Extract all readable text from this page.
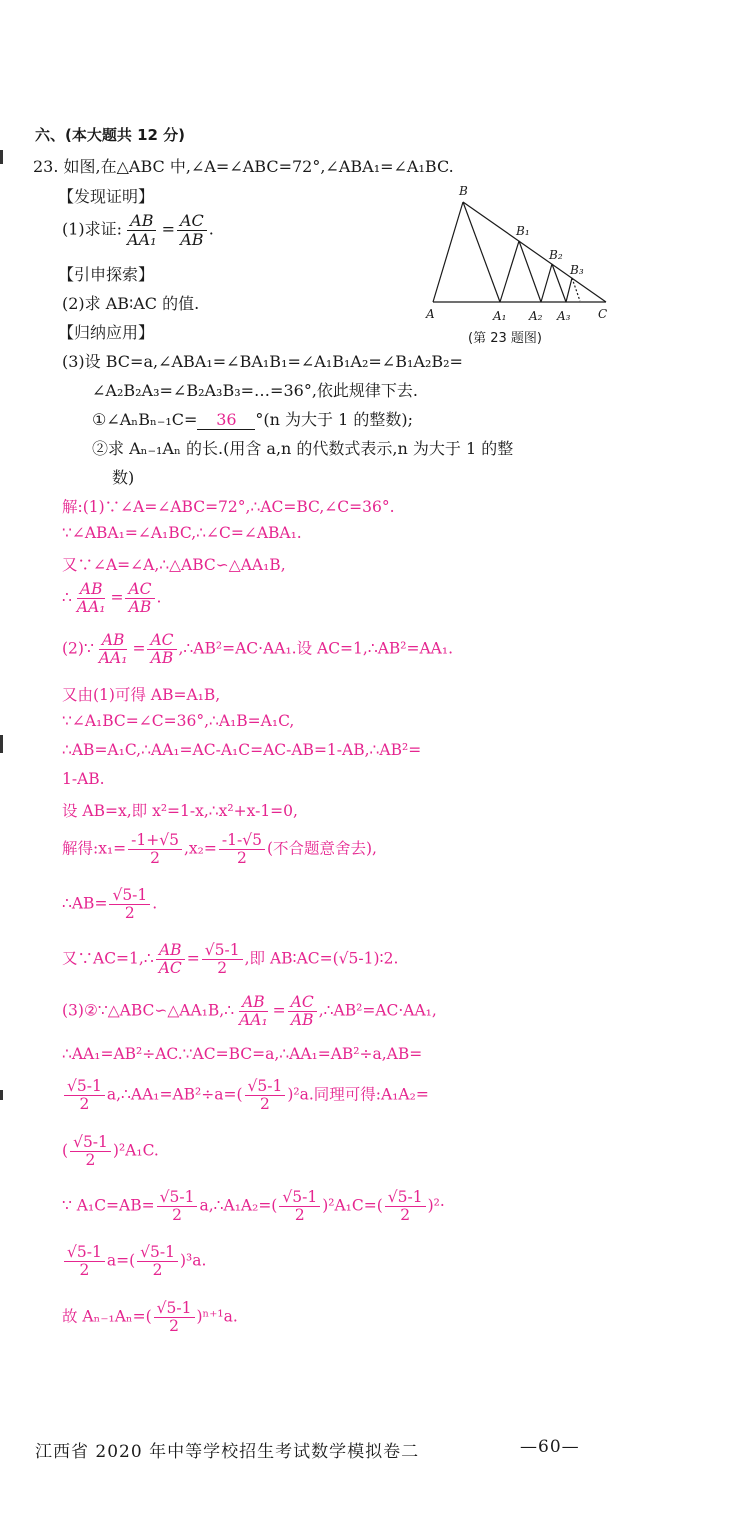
六、(本大题共 12 分)
23. 如图,在△ABC 中,∠A=∠ABC=72°,∠ABA₁=∠A₁BC.
【发现证明】
(1)求证: $\frac{AB}{\text{AA₁}} = \frac{AC}{AB}$ .
【引申探索】
(2)求 AB∶AC 的值.
【归纳应用】
(3)设 BC=a,∠ABA₁=∠BA₁B₁=∠A₁B₁A₂=∠B₁A₂B₂=
∠A₂B₂A₃=∠B₂A₃B₃=…=36°,依此规律下去.
①∠AₙBₙ₋₁C= 36 °(n 为大于 1 的整数);
②求 Aₙ₋₁Aₙ 的长.(用含 a,n 的代数式表示,n 为大于 1 的整
数)
B
B₁
B₂
B₃
A	A₁ A₂ A₃ C
(第 23 题图)
解:(1)∵∠A=∠ABC=72°,∴AC=BC,∠C=36°.
∵∠ABA₁=∠A₁BC,∴∠C=∠ABA₁.
又∵∠A=∠A,∴△ABC∽△AA₁B,
∴ $\frac{AB}{\text{AA₁}} = \frac{AC}{AB}$ .
(2)∵ $\frac{AB}{\text{AA₁}} = \frac{AC}{AB}$ ,∴AB²=AC·AA₁.设 AC=1,∴AB²=AA₁.
又由(1)可得 AB=A₁B,
∵∠A₁BC=∠C=36°,∴A₁B=A₁C,
∴AB=A₁C,∴AA₁=AC-A₁C=AC-AB=1-AB,∴AB²=
1-AB.
设 AB=x,即 x²=1-x,∴x²+x-1=0,
解得:x₁= $\frac{-1+√5}{2} ,x_2= \frac{-1-√5}{2}$ (不合题意舍去),
∴AB= $\frac{√5-1}{2}$ .
又∵AC=1,∴ $\frac{AB}{AC} = \frac{√5-1}{2}$ ,即 AB∶AC=(√5-1)∶2.
(3)②∵△ABC∽△AA₁B,∴ $\frac{AB}{\text{AA₁}} = \frac{AC}{AB}$ ,∴AB²=AC·AA₁,
∴AA₁=AB²÷AC.∵AC=BC=a,∴AA₁=AB²÷a,AB=
$\frac{√5-1}{2}$ a,∴AA₁=AB²÷a=( $\frac{√5-1}{2} )^2a$.同理可得:A₁A₂=
( $\frac{√5-1}{2} )^2A_1C$.
∵ $A_1C=AB= \frac{√5-1}{2}$ a,∴A₁A₂=( $\frac{√5-1}{2} )^2A_1C=( \frac{√5-1}{2} )^2\cdot$
$\frac{√5-1}{2} a=( \frac{√5-1}{2} )^3a$.
故 $A_{n-1}A_n=( \frac{√5-1}{2} )^{n+1}a$.
江西省 2020 年中等学校招生考试数学模拟卷二	—60—
